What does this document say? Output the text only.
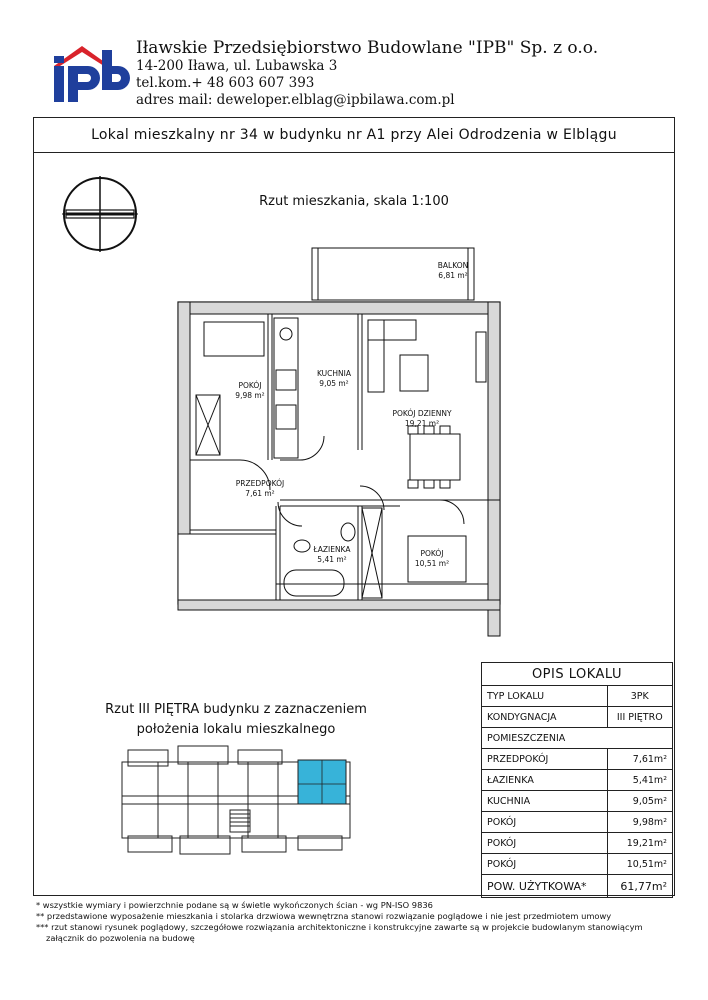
Iławskie Przedsiębiorstwo Budowlane "IPB" Sp. z o.o.
14-200 Iława, ul. Lubawska 3
tel.kom.+ 48 603 607 393
adres mail: deweloper.elblag@ipbilawa.com.pl
Lokal mieszkalny nr 34 w budynku nr A1 przy Alei Odrodzenia w Elblągu
Rzut mieszkania, skala 1:100
BALKON
6,81 m²
POKÓJ
9,98 m²
KUCHNIA
9,05 m²
POKÓJ DZIENNY
19,21 m²
PRZEDPOKÓJ
7,61 m²
ŁAZIENKA
5,41 m²
POKÓJ
10,51 m²
Rzut III PIĘTRA budynku z zaznaczeniem
położenia lokalu mieszkalnego
OPIS LOKALU	
TYP LOKALU	3PK
KONDYGNACJA	III PIĘTRO
POMIESZCZENIA	
PRZEDPOKÓJ	7,61m²
ŁAZIENKA	5,41m²
KUCHNIA	9,05m²
POKÓJ	9,98m²
POKÓJ	19,21m²
POKÓJ	10,51m²
POW. UŻYTKOWA*	61,77m²
* wszystkie wymiary i powierzchnie podane są w świetle wykończonych ścian - wg PN-ISO 9836
** przedstawione wyposażenie mieszkania i stolarka drzwiowa wewnętrzna stanowi rozwiązanie poglądowe i nie jest przedmiotem umowy
*** rzut stanowi rysunek poglądowy, szczegółowe rozwiązania architektoniczne i konstrukcyjne zawarte są w projekcie budowlanym stanowiącym
załącznik do pozwolenia na budowę
